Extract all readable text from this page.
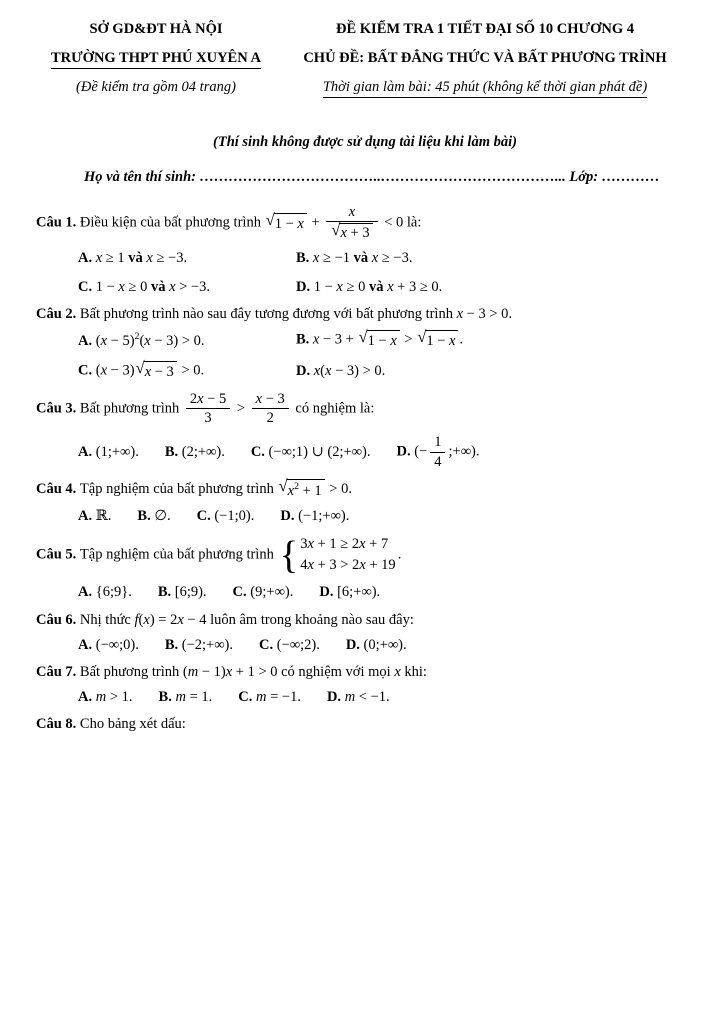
SỞ GD&ĐT HÀ NỘI
TRƯỜNG THPT PHÚ XUYÊN A
(Đề kiểm tra gồm 04 trang)
ĐỀ KIỂM TRA 1 TIẾT ĐẠI SỐ 10 CHƯƠNG 4
CHỦ ĐỀ: BẤT ĐẲNG THỨC VÀ BẤT PHƯƠNG TRÌNH
Thời gian làm bài: 45 phút (không kể thời gian phát đề)
(Thí sinh không được sử dụng tài liệu khi làm bài)
Họ và tên thí sinh: ………………………………..………………………………... Lớp: …………
Câu 1. Điều kiện của bất phương trình √ $1 - x + \frac{x}{√ x + 3} < 0$ là:
A. x ≥ 1 và x ≥ −3.	B. x ≥ −1 và x ≥ −3.
C. 1 − x ≥ 0 và x > −3.	D. 1 − x ≥ 0 và x + 3 ≥ 0.
Câu 2. Bất phương trình nào sau đây tương đương với bất phương trình x − 3 > 0.
A. $(x - 5)^2(x - 3) > 0$.	B. x − 3 + √ 1 − x > √ 1 − x .
C. (x − 3) √ x − 3 > 0.	D. x(x − 3) > 0.
Câu 3. Bất phương trình $\frac{2x - 5}{3} > \frac{x - 3}{2}$ có nghiệm là:
A. (1;+∞). B. (2;+∞). C. (−∞;1) ∪ (2;+∞). D. (− $\frac{1}{4}$ ;+∞).
Câu 4. Tập nghiệm của bất phương trình √ $x^2 + 1 > 0$.
A. ℝ. B. ∅. C. (−1;0). D. (−1;+∞).
Câu 5. Tập nghiệm của bất phương trình { 3x + 1 ≥ 2x + 7
4x + 3 > 2x + 19
.
A. {6;9}. B. [6;9). C. (9;+∞). D. [6;+∞).
Câu 6. Nhị thức f(x) = 2x − 4 luôn âm trong khoảng nào sau đây:
A. (−∞;0). B. (−2;+∞). C. (−∞;2). D. (0;+∞).
Câu 7. Bất phương trình (m − 1)x + 1 > 0 có nghiệm với mọi x khi:
A. m > 1. B. m = 1. C. m = −1. D. m < −1.
Câu 8. Cho bảng xét dấu:
